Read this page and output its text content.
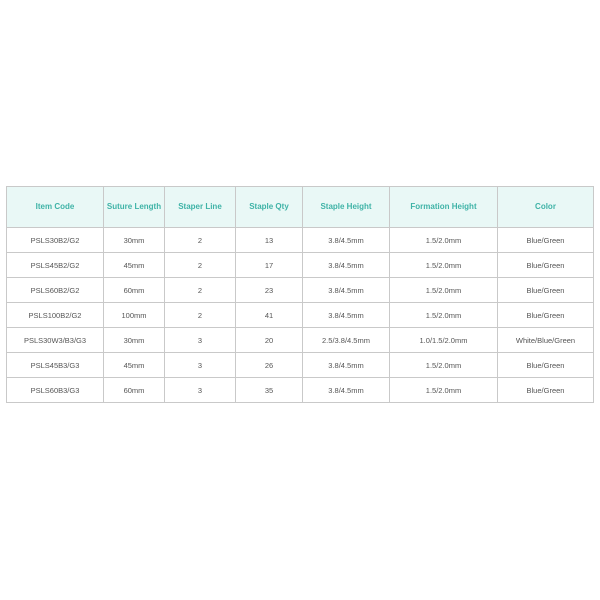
Item Code	Suture Length	Staper Line	Staple Qty	Staple Height	Formation Height	Color
PSLS30B2/G2	30mm	2	13	3.8/4.5mm	1.5/2.0mm	Blue/Green
PSLS45B2/G2	45mm	2	17	3.8/4.5mm	1.5/2.0mm	Blue/Green
PSLS60B2/G2	60mm	2	23	3.8/4.5mm	1.5/2.0mm	Blue/Green
PSLS100B2/G2	100mm	2	41	3.8/4.5mm	1.5/2.0mm	Blue/Green
PSLS30W3/B3/G3	30mm	3	20	2.5/3.8/4.5mm	1.0/1.5/2.0mm	White/Blue/Green
PSLS45B3/G3	45mm	3	26	3.8/4.5mm	1.5/2.0mm	Blue/Green
PSLS60B3/G3	60mm	3	35	3.8/4.5mm	1.5/2.0mm	Blue/Green
